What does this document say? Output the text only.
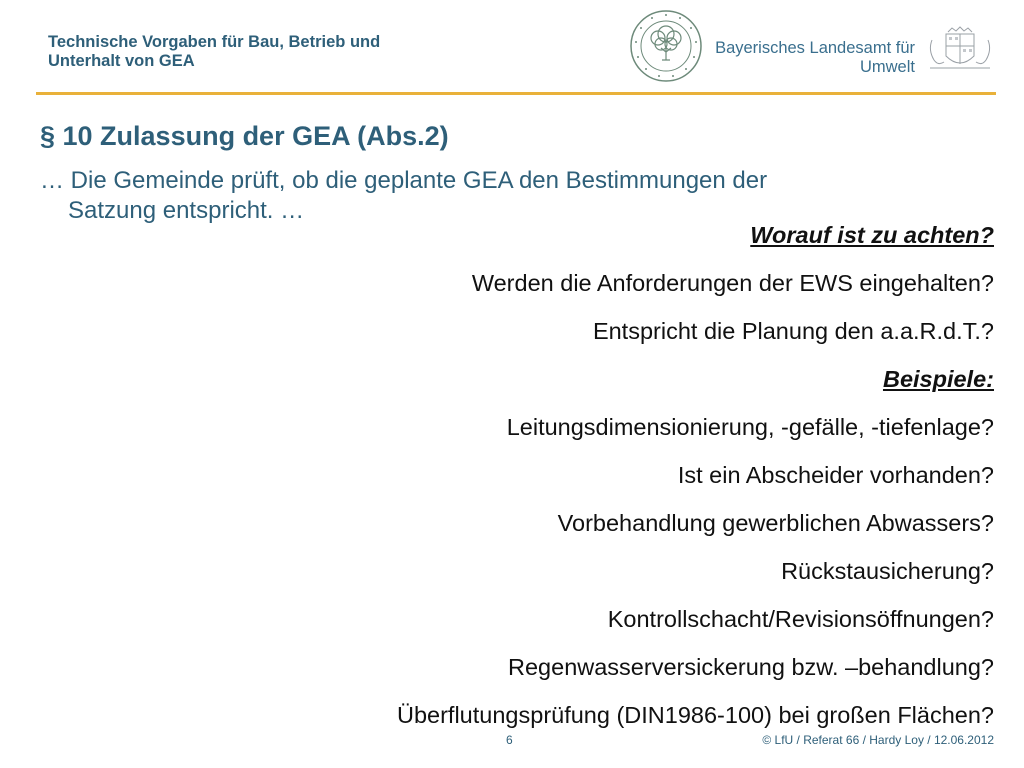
Technische Vorgaben für Bau, Betrieb und
Unterhalt von GEA
Bayerisches Landesamt für
Umwelt
§ 10 Zulassung der GEA (Abs.2)
… Die Gemeinde prüft, ob die geplante GEA den Bestimmungen der
Satzung entspricht. …
Worauf ist zu achten?
Werden die Anforderungen der EWS eingehalten?
Entspricht die Planung den a.a.R.d.T.?
Beispiele:
Leitungsdimensionierung, -gefälle, -tiefenlage?
Ist ein Abscheider vorhanden?
Vorbehandlung gewerblichen Abwassers?
Rückstausicherung?
Kontrollschacht/Revisionsöffnungen?
Regenwasserversickerung bzw. –behandlung?
Überflutungsprüfung (DIN1986-100) bei großen Flächen?
6	© LfU / Referat 66 / Hardy Loy / 12.06.2012
